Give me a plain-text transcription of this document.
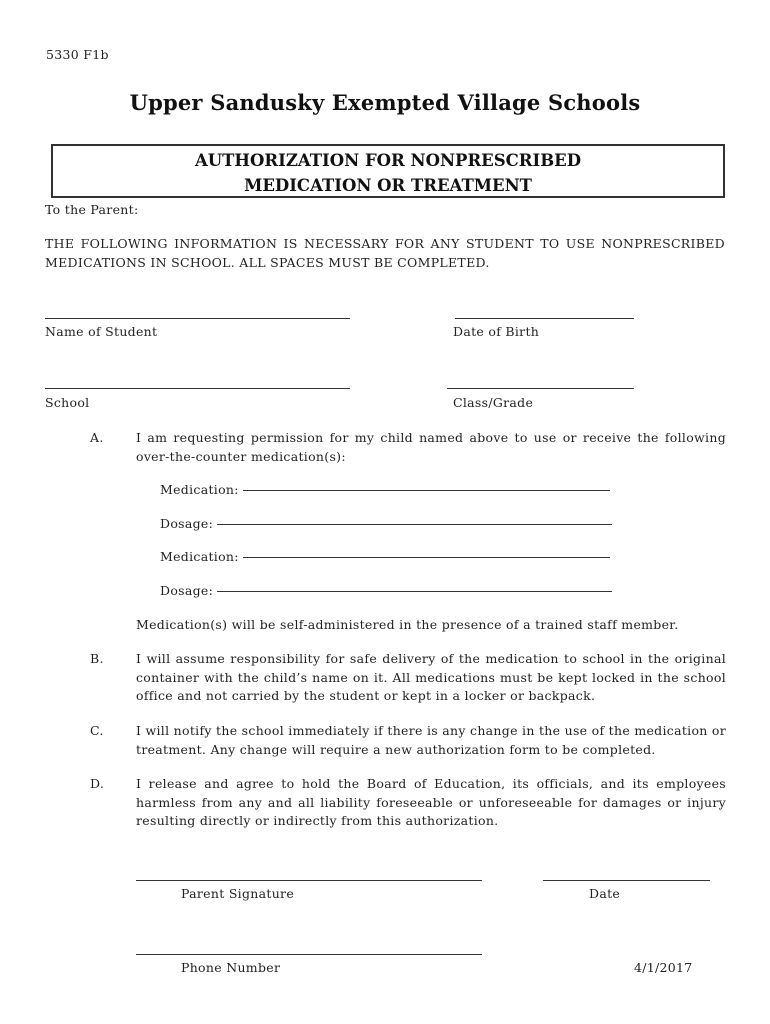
5330 F1b
Upper Sandusky Exempted Village Schools
AUTHORIZATION FOR NONPRESCRIBED
MEDICATION OR TREATMENT
To the Parent:
THE FOLLOWING INFORMATION IS NECESSARY FOR ANY STUDENT TO USE NONPRESCRIBED MEDICATIONS IN SCHOOL. ALL SPACES MUST BE COMPLETED.
Name of Student	Date of Birth
School	Class/Grade
A.	I am requesting permission for my child named above to use or receive the following over-the-counter medication(s):
Medication:
Dosage:
Medication:
Dosage:
Medication(s) will be self-administered in the presence of a trained staff member.
B.	I will assume responsibility for safe delivery of the medication to school in the original container with the child’s name on it. All medications must be kept locked in the school office and not carried by the student or kept in a locker or backpack.
C.	I will notify the school immediately if there is any change in the use of the medication or treatment. Any change will require a new authorization form to be completed.
D.	I release and agree to hold the Board of Education, its officials, and its employees harmless from any and all liability foreseeable or unforeseeable for damages or injury resulting directly or indirectly from this authorization.
Parent Signature	Date
Phone Number	4/1/2017
